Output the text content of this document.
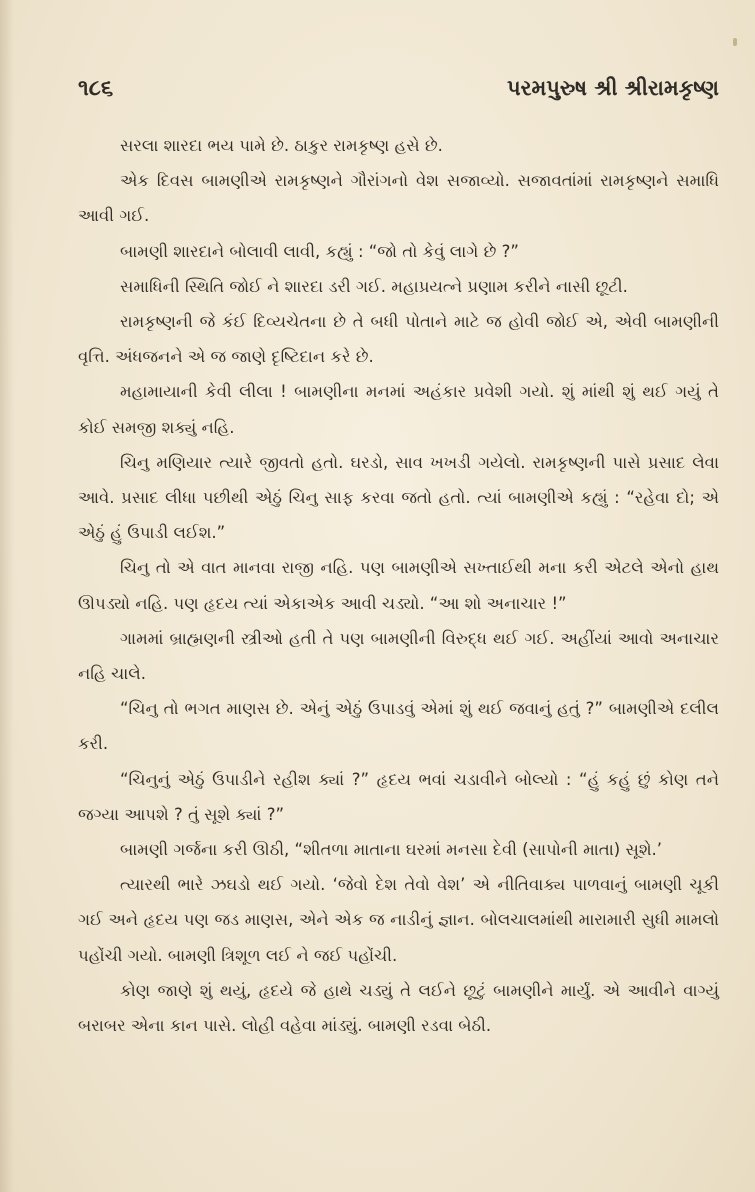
૧૮૬	પરમપુરુષ શ્રી શ્રીરામકૃષ્ણ

સરલા શારદા ભય પામે છે. ઠાકુર રામકૃષ્ણ હસે છે.

એક દિવસ બામણીએ રામકૃષ્ણને ગૌરાંગનો વેશ સજાવ્યો. સજાવતાંમાં રામકૃષ્ણને સમાધિ આવી ગઈ.

બામણી શારદાને બોલાવી લાવી, કહ્યું : “જો તો કેવું લાગે છે ?”

સમાધિની સ્થિતિ જોઈ ને શારદા ડરી ગઈ. મહાપ્રયત્ને પ્રણામ કરીને નાસી છૂટી.

રામકૃષ્ણની જે કંઈ દિવ્યચેતના છે તે બધી પોતાને માટે જ હોવી જોઈ એ, એવી બામણીની વૃત્તિ. અંધજનને એ જ જાણે દૃષ્ટિદાન કરે છે.

મહામાયાની કેવી લીલા ! બામણીના મનમાં અહંકાર પ્રવેશી ગયો. શું માંથી શું થઈ ગયું તે કોઈ સમજી શક્યું નહિ.

ચિનુ મણિયાર ત્યારે જીવતો હતો. ઘરડો, સાવ ખખડી ગયેલો. રામકૃષ્ણની પાસે પ્રસાદ લેવા આવે. પ્રસાદ લીધા પછીથી એઠું ચિનુ સાફ કરવા જતો હતો. ત્યાં બામણીએ કહ્યું : “રહેવા દો; એ એઠું હું ઉપાડી લઈશ.”

ચિનુ તો એ વાત માનવા રાજી નહિ. પણ બામણીએ સખ્તાઈથી મના કરી એટલે એનો હાથ ઊપડ્યો નહિ. પણ હૃદય ત્યાં એકાએક આવી ચડ્યો. “આ શો અનાચાર !”

ગામમાં બ્રાહ્મણની સ્ત્રીઓ હતી તે પણ બામણીની વિરુદ્ધ થઈ ગઈ. અહીંયાં આવો અનાચાર નહિ ચાલે.

“ચિનુ તો ભગત માણસ છે. એનું એઠું ઉપાડવું એમાં શું થઈ જવાનું હતું ?” બામણીએ દલીલ કરી.

“ચિનુનું એઠું ઉપાડીને રહીશ ક્યાં ?” હૃદય ભવાં ચડાવીને બોલ્યો : “હું કહું છું કોણ તને જગ્યા આપશે ? તું સૂશે ક્યાં ?”

બામણી ગર્જના કરી ઊઠી, “શીતળા માતાના ઘરમાં મનસા દેવી (સાપોની માતા) સૂશે.’

ત્યારથી ભારે ઝઘડો થઈ ગયો. ‘જેવો દેશ તેવો વેશ’ એ નીતિવાક્ય પાળવાનું બામણી ચૂકી ગઈ અને હૃદય પણ જડ માણસ, એને એક જ નાડીનું જ્ઞાન. બોલચાલમાંથી મારામારી સુધી મામલો પહોંચી ગયો. બામણી ત્રિશૂળ લઈ ને જઈ પહોંચી.

કોણ જાણે શું થયું, હૃદયે જે હાથે ચડ્યું તે લઈને છૂટું બામણીને માર્યું. એ આવીને વાગ્યું બરાબર એના કાન પાસે. લોહી વહેવા માંડ્યું. બામણી રડવા બેઠી.
